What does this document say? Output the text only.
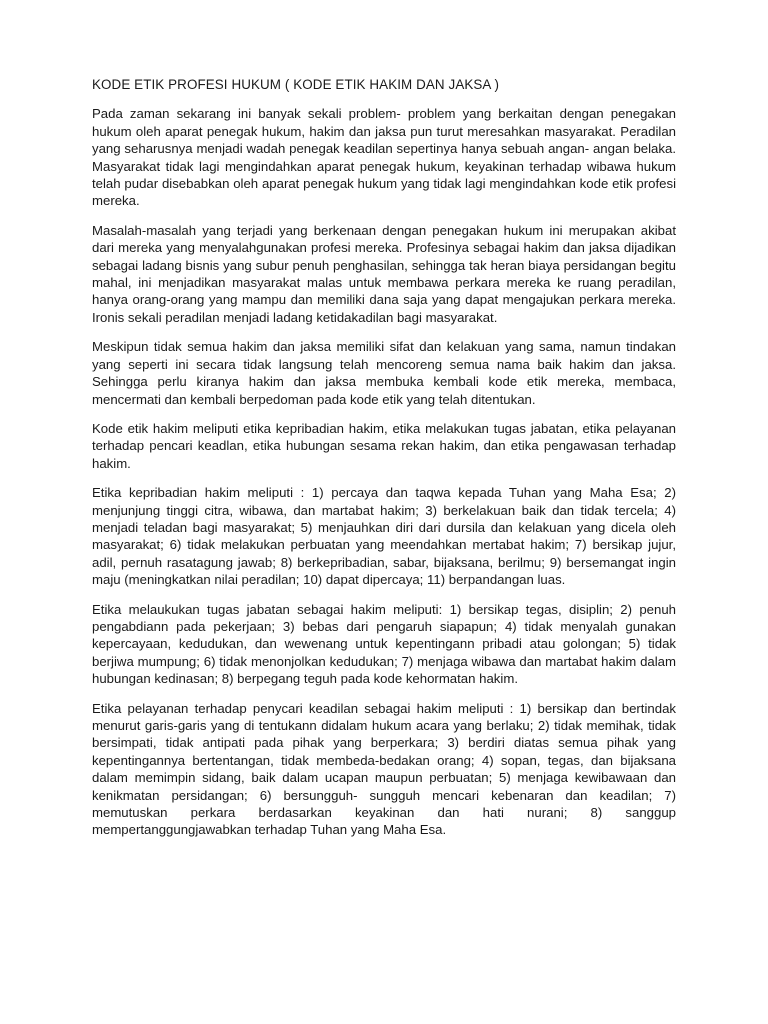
KODE ETIK PROFESI HUKUM ( KODE ETIK HAKIM DAN JAKSA )

Pada zaman sekarang ini banyak sekali problem- problem yang berkaitan dengan penegakan hukum oleh aparat penegak hukum, hakim dan jaksa pun turut meresahkan masyarakat. Peradilan yang seharusnya menjadi wadah penegak keadilan sepertinya hanya sebuah angan- angan belaka. Masyarakat tidak lagi mengindahkan aparat penegak hukum, keyakinan terhadap wibawa hukum telah pudar disebabkan oleh aparat penegak hukum yang tidak lagi mengindahkan kode etik profesi mereka.

Masalah-masalah yang terjadi yang berkenaan dengan penegakan hukum ini merupakan akibat dari mereka yang menyalahgunakan profesi mereka. Profesinya sebagai hakim dan jaksa dijadikan sebagai ladang bisnis yang subur penuh penghasilan, sehingga tak heran biaya persidangan begitu mahal, ini menjadikan masyarakat malas untuk membawa perkara mereka ke ruang peradilan, hanya orang-orang yang mampu dan memiliki dana saja yang dapat mengajukan perkara mereka. Ironis sekali peradilan menjadi ladang ketidakadilan bagi masyarakat.

Meskipun tidak semua hakim dan jaksa memiliki sifat dan kelakuan yang sama, namun tindakan yang seperti ini secara tidak langsung telah mencoreng semua nama baik hakim dan jaksa. Sehingga perlu kiranya hakim dan jaksa membuka kembali kode etik mereka, membaca, mencermati dan kembali berpedoman pada kode etik yang telah ditentukan.

Kode etik hakim meliputi etika kepribadian hakim, etika melakukan tugas jabatan, etika pelayanan terhadap pencari keadlan, etika hubungan sesama rekan hakim, dan etika pengawasan terhadap hakim.

Etika kepribadian hakim meliputi : 1) percaya dan taqwa kepada Tuhan yang Maha Esa; 2) menjunjung tinggi citra, wibawa, dan martabat hakim; 3) berkelakuan baik dan tidak tercela; 4) menjadi teladan bagi masyarakat; 5) menjauhkan diri dari dursila dan kelakuan yang dicela oleh masyarakat; 6) tidak melakukan perbuatan yang meendahkan mertabat hakim; 7) bersikap jujur, adil, pernuh rasatagung jawab; 8) berkepribadian, sabar, bijaksana, berilmu; 9) bersemangat ingin maju (meningkatkan nilai peradilan; 10) dapat dipercaya; 11) berpandangan luas.

Etika melaukukan tugas jabatan sebagai hakim meliputi: 1) bersikap tegas, disiplin; 2) penuh pengabdiann pada pekerjaan; 3) bebas dari pengaruh siapapun; 4) tidak menyalah gunakan kepercayaan, kedudukan, dan wewenang untuk kepentingann pribadi atau golongan; 5) tidak berjiwa mumpung; 6) tidak menonjolkan kedudukan; 7) menjaga wibawa dan martabat hakim dalam hubungan kedinasan; 8) berpegang teguh pada kode kehormatan hakim.

Etika pelayanan terhadap penycari keadilan sebagai hakim meliputi : 1) bersikap dan bertindak menurut garis-garis yang di tentukann didalam hukum acara yang berlaku; 2) tidak memihak, tidak bersimpati, tidak antipati pada pihak yang berperkara; 3) berdiri diatas semua pihak yang kepentingannya bertentangan, tidak membeda-bedakan orang; 4) sopan, tegas, dan bijaksana dalam memimpin sidang, baik dalam ucapan maupun perbuatan; 5) menjaga kewibawaan dan kenikmatan persidangan; 6) bersungguh- sungguh mencari kebenaran dan keadilan; 7) memutuskan perkara berdasarkan keyakinan dan hati nurani; 8) sanggup mempertanggungjawabkan terhadap Tuhan yang Maha Esa.
